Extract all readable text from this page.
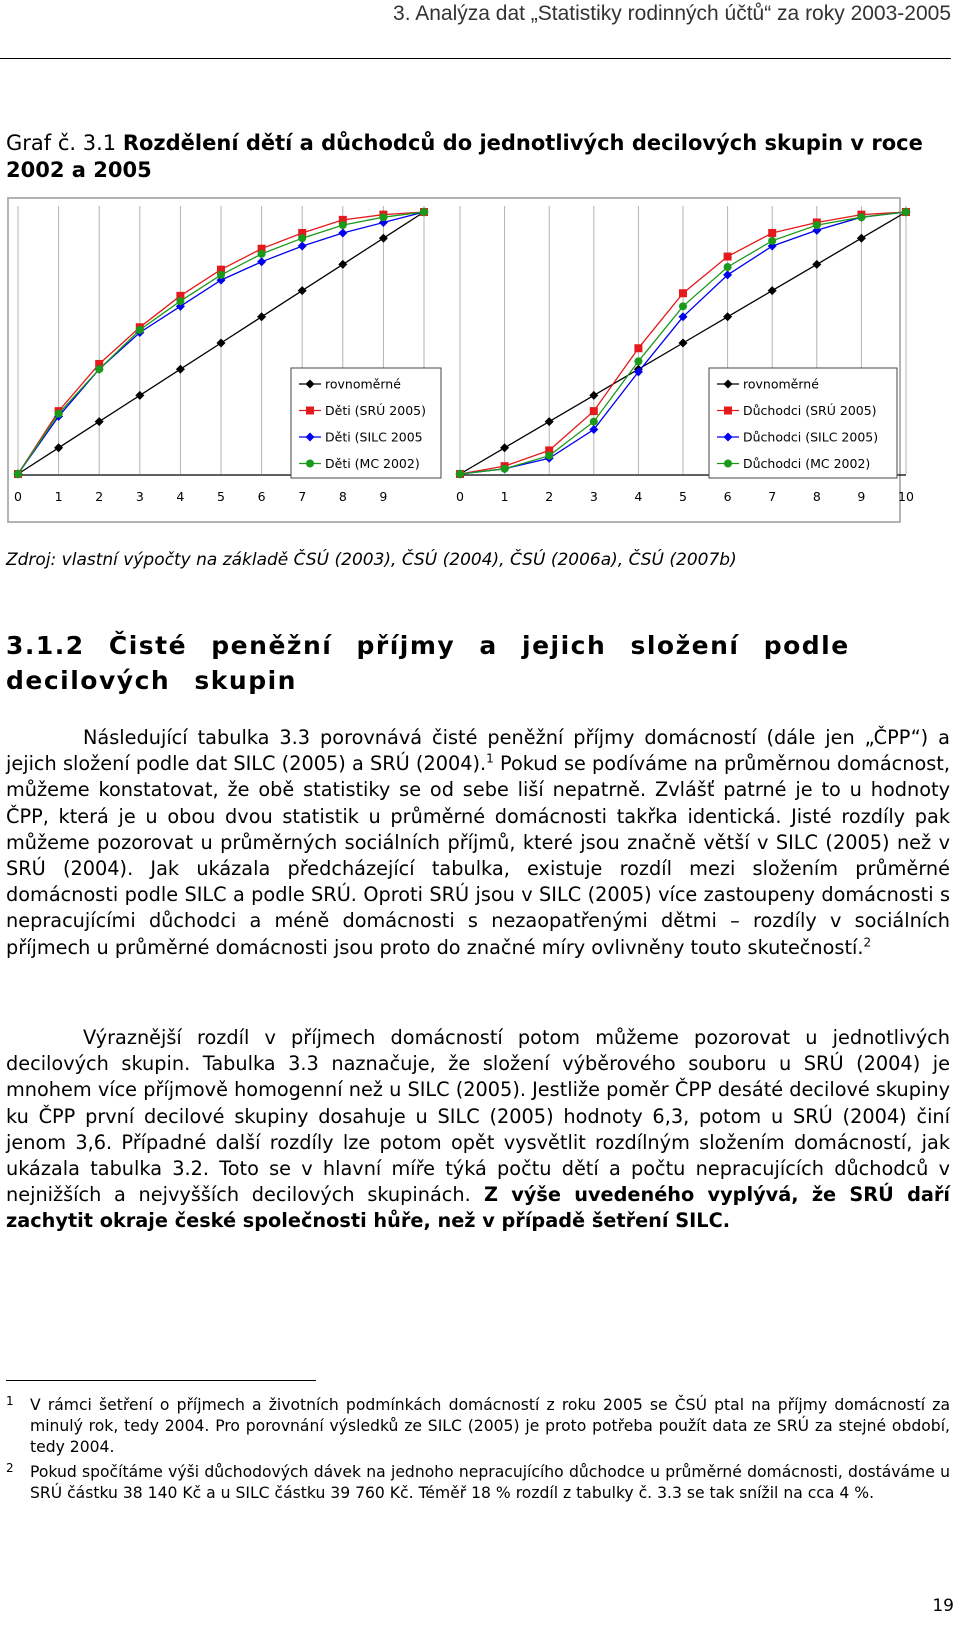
3. Analýza dat „Statistiky rodinných účtů“ za roky 2003-2005
Graf č. 3.1 Rozdělení dětí a důchodců do jednotlivých decilových skupin v roce 2002 a 2005
0	1	2	3	4	5	6	7	8	9
rovnoměrné
Děti (SRÚ 2005)
Děti (SILC 2005
Děti (MC 2002)
0	1	2	3	4	5	6	7	8	9	10
rovnoměrné
Důchodci (SRÚ 2005)
Důchodci (SILC 2005)
Důchodci (MC 2002)
Zdroj: vlastní výpočty na základě ČSÚ (2003), ČSÚ (2004), ČSÚ (2006a), ČSÚ (2007b)
3.1.2 Čisté peněžní příjmy a jejich složení podle decilových skupin

Následující tabulka 3.3 porovnává čisté peněžní příjmy domácností (dále jen „ČPP“) a jejich složení podle dat SILC (2005) a SRÚ (2004).$^1$ Pokud se podíváme na průměrnou domácnost, můžeme konstatovat, že obě statistiky se od sebe liší nepatrně. Zvlášť patrné je to u hodnoty ČPP, která je u obou dvou statistik u průměrné domácnosti takřka identická. Jisté rozdíly pak můžeme pozorovat u průměrných sociálních příjmů, které jsou značně větší v SILC (2005) než v SRÚ (2004). Jak ukázala předcházející tabulka, existuje rozdíl mezi složením průměrné domácnosti podle SILC a podle SRÚ. Oproti SRÚ jsou v SILC (2005) více zastoupeny domácnosti s nepracujícími důchodci a méně domácnosti s nezaopatřenými dětmi – rozdíly v sociálních příjmech u průměrné domácnosti jsou proto do značné míry ovlivněny touto skutečností.$^2$

Výraznější rozdíl v příjmech domácností potom můžeme pozorovat u jednotlivých decilových skupin. Tabulka 3.3 naznačuje, že složení výběrového souboru u SRÚ (2004) je mnohem více příjmově homogenní než u SILC (2005). Jestliže poměr ČPP desáté decilové skupiny ku ČPP první decilové skupiny dosahuje u SILC (2005) hodnoty 6,3, potom u SRÚ (2004) činí jenom 3,6. Případné další rozdíly lze potom opět vysvětlit rozdílným složením domácností, jak ukázala tabulka 3.2. Toto se v hlavní míře týká počtu dětí a počtu nepracujících důchodců v nejnižších a nejvyšších decilových skupinách. Z výše uvedeného vyplývá, že SRÚ daří zachytit okraje české společnosti hůře, než v případě šetření SILC.

1 V rámci šetření o příjmech a životních podmínkách domácností z roku 2005 se ČSÚ ptal na příjmy domácností za minulý rok, tedy 2004. Pro porovnání výsledků ze SILC (2005) je proto potřeba použít data ze SRÚ za stejné období, tedy 2004.
2 Pokud spočítáme výši důchodových dávek na jednoho nepracujícího důchodce u průměrné domácnosti, dostáváme u SRÚ částku 38 140 Kč a u SILC částku 39 760 Kč. Téměř 18 % rozdíl z tabulky č. 3.3 se tak snížil na cca 4 %.
19
